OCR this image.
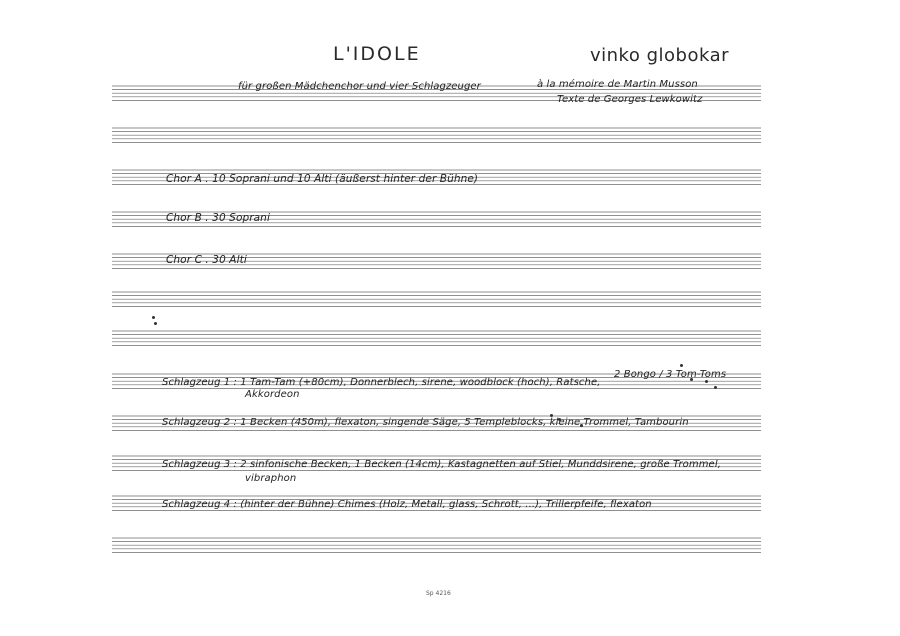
L'IDOLE	vinko globokar
für großen Mädchenchor und vier Schlagzeuger	à la mémoire de Martin Musson
Texte de Georges Lewkowitz
Chor A . 10 Soprani und 10 Alti (äußerst hinter der Bühne)
Chor B . 30 Soprani
Chor C . 30 Alti
Schlagzeug 1 : 1 Tam-Tam (+80cm), Donnerblech, sirene, woodblock (hoch), Ratsche,
Akkordeon
2 Bongo / 3 Tom-Toms
Schlagzeug 2 : 1 Becken (450m), flexaton, singende Säge, 5 Templeblocks, kleine Trommel, Tambourin
Schlagzeug 3 : 2 sinfonische Becken, 1 Becken (14cm), Kastagnetten auf Stiel, Munddsirene, große Trommel,
vibraphon
Schlagzeug 4 : (hinter der Bühne) Chimes (Holz, Metall, glass, Schrott, ...), Trillerpfeife, flexaton
Sp 4216
